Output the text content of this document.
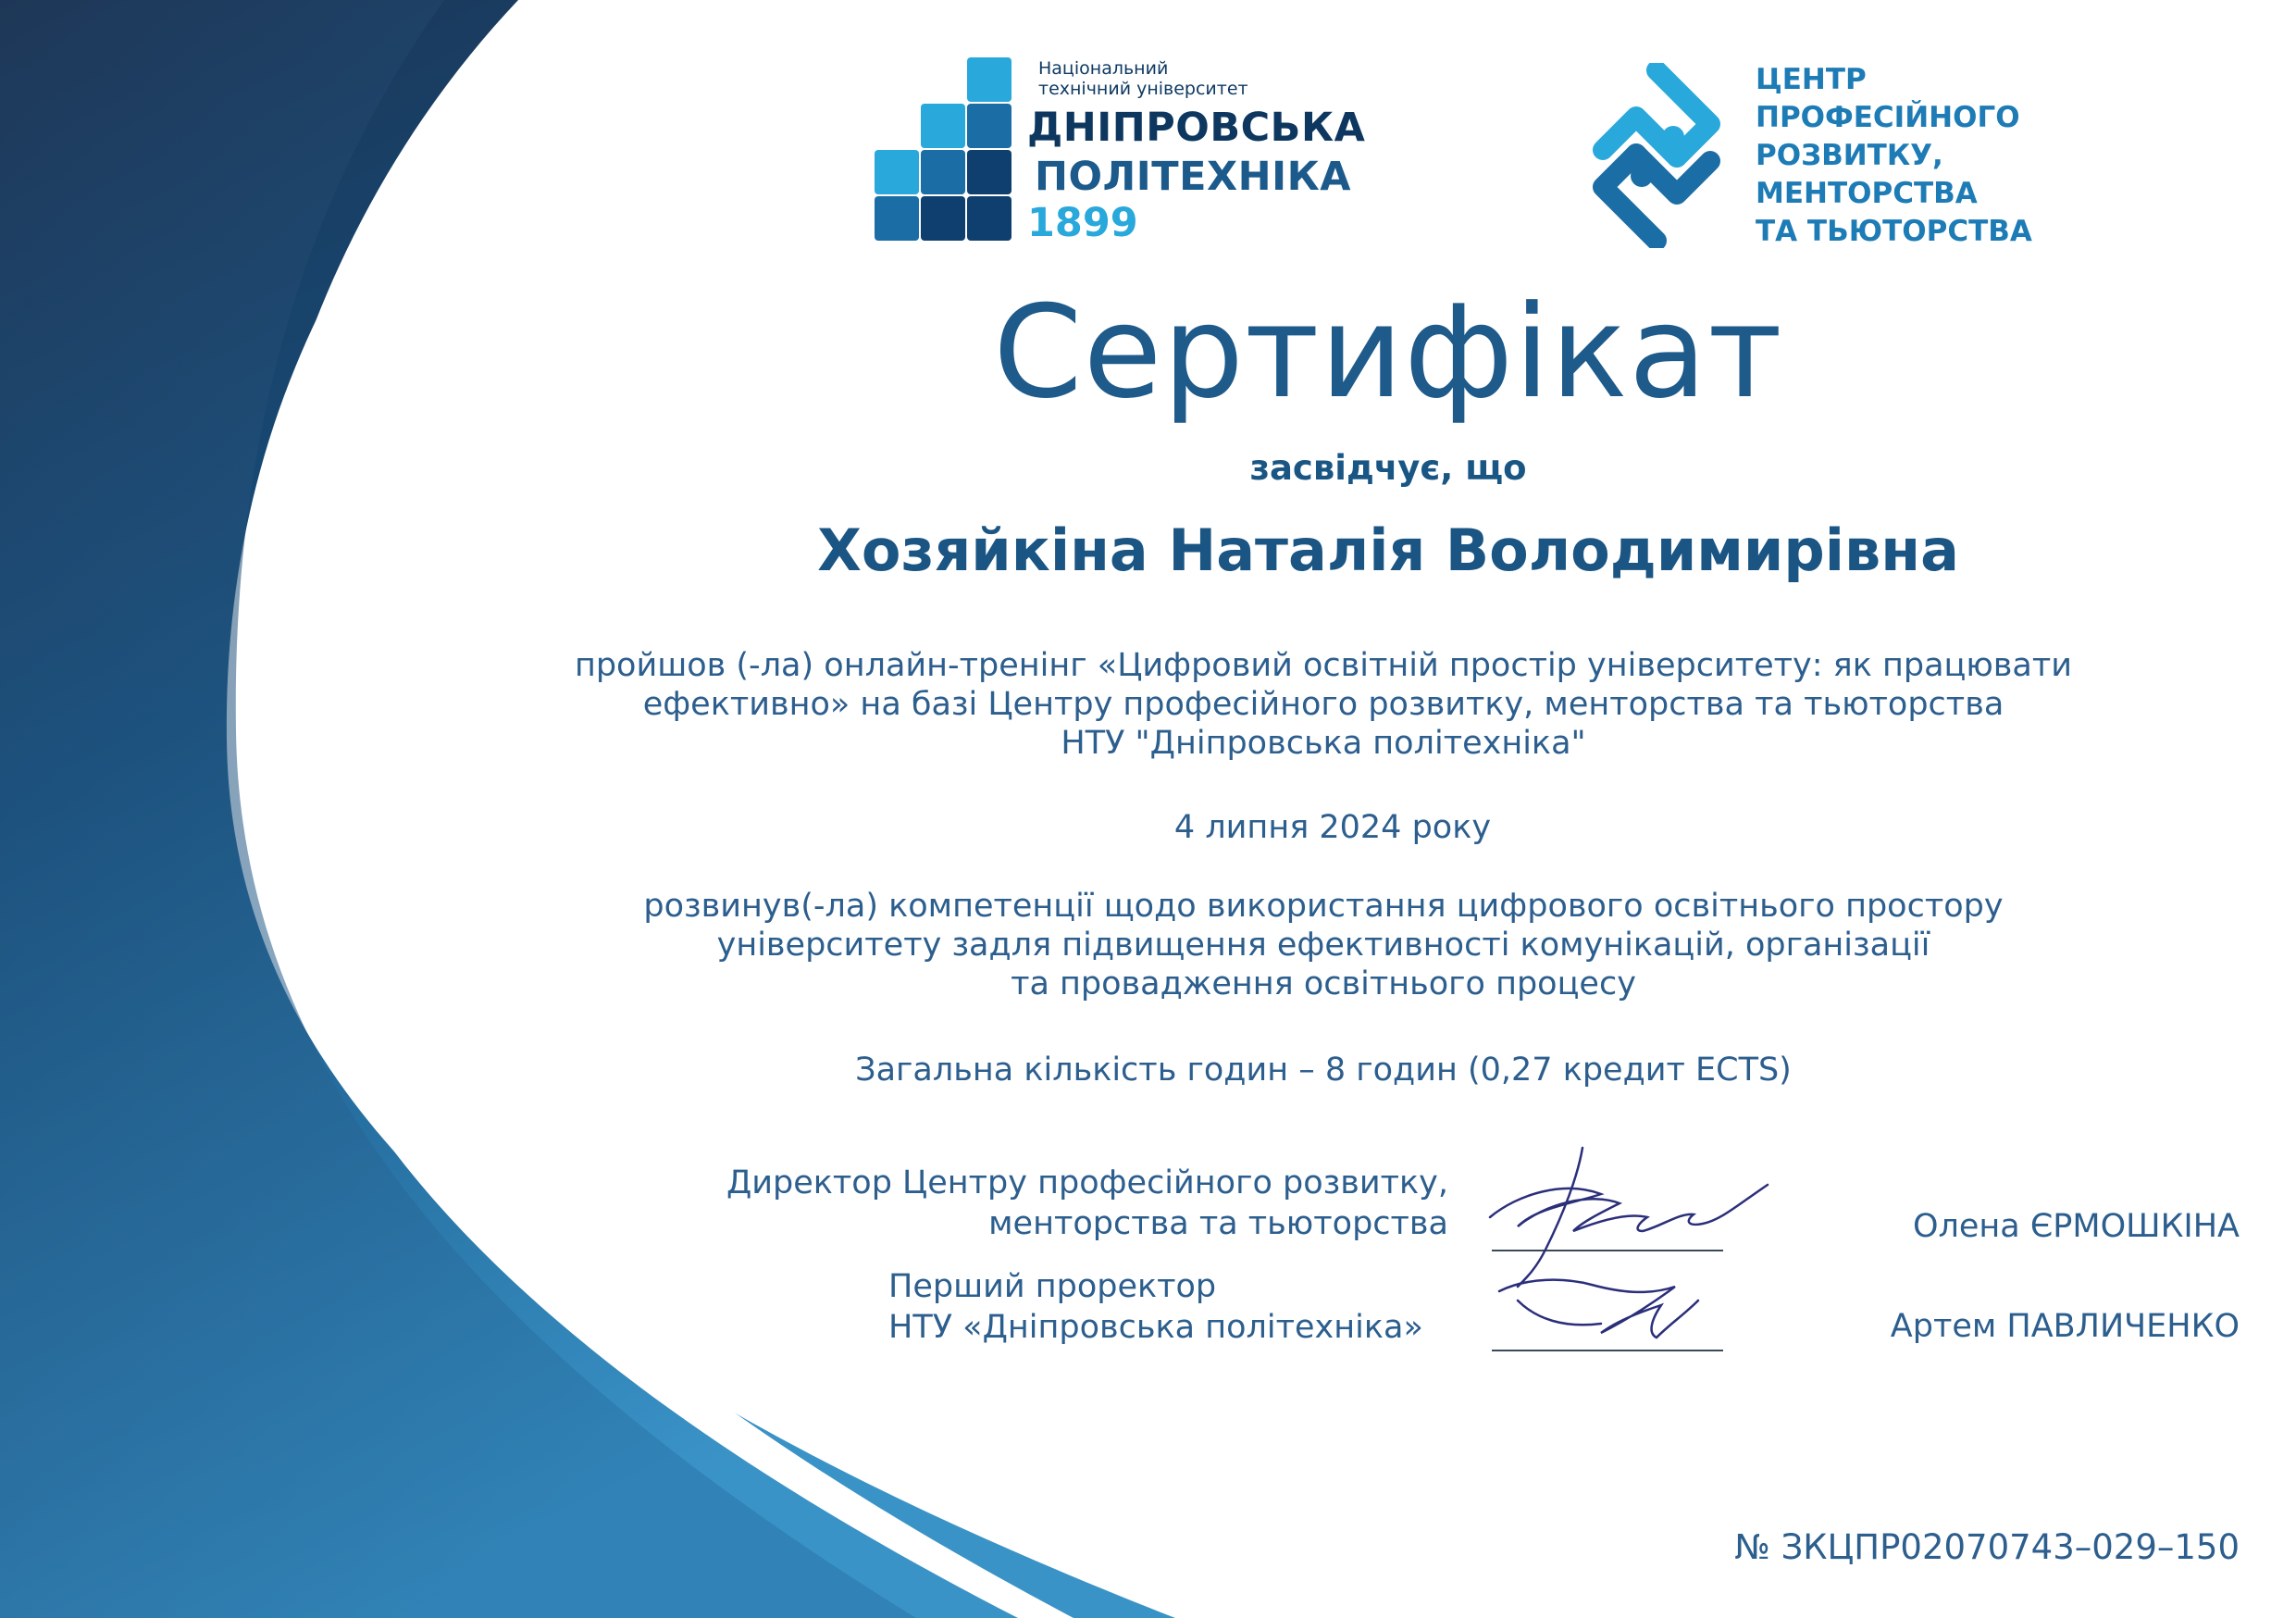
Національний
технічний університет
ДНІПРОВСЬКА
ПОЛІТЕХНІКА
1899
ЦЕНТР
ПРОФЕСІЙНОГО
РОЗВИТКУ,
МЕНТОРСТВА
ТА ТЬЮТОРСТВА
Сертифікат
засвідчує, що
Хозяйкіна Наталія Володимирівна
пройшов (-ла) онлайн-тренінг «Цифровий освітній простір університету: як працювати
ефективно» на базі Центру професійного розвитку, менторства та тьюторства
НТУ "Дніпровська політехніка"
4 липня 2024 року
розвинув(-ла) компетенції щодо використання цифрового освітнього простору
університету задля підвищення ефективності комунікацій, організації
та провадження освітнього процесу
Загальна кількість годин – 8 годин (0,27 кредит ECTS)
Директор Центру професійного розвитку,
менторства та тьюторства	Олена ЄРМОШКІНА
Перший проректор
НТУ «Дніпровська політехніка»	Артем ПАВЛИЧЕНКО
№ ЗКЦПР02070743–029–150
